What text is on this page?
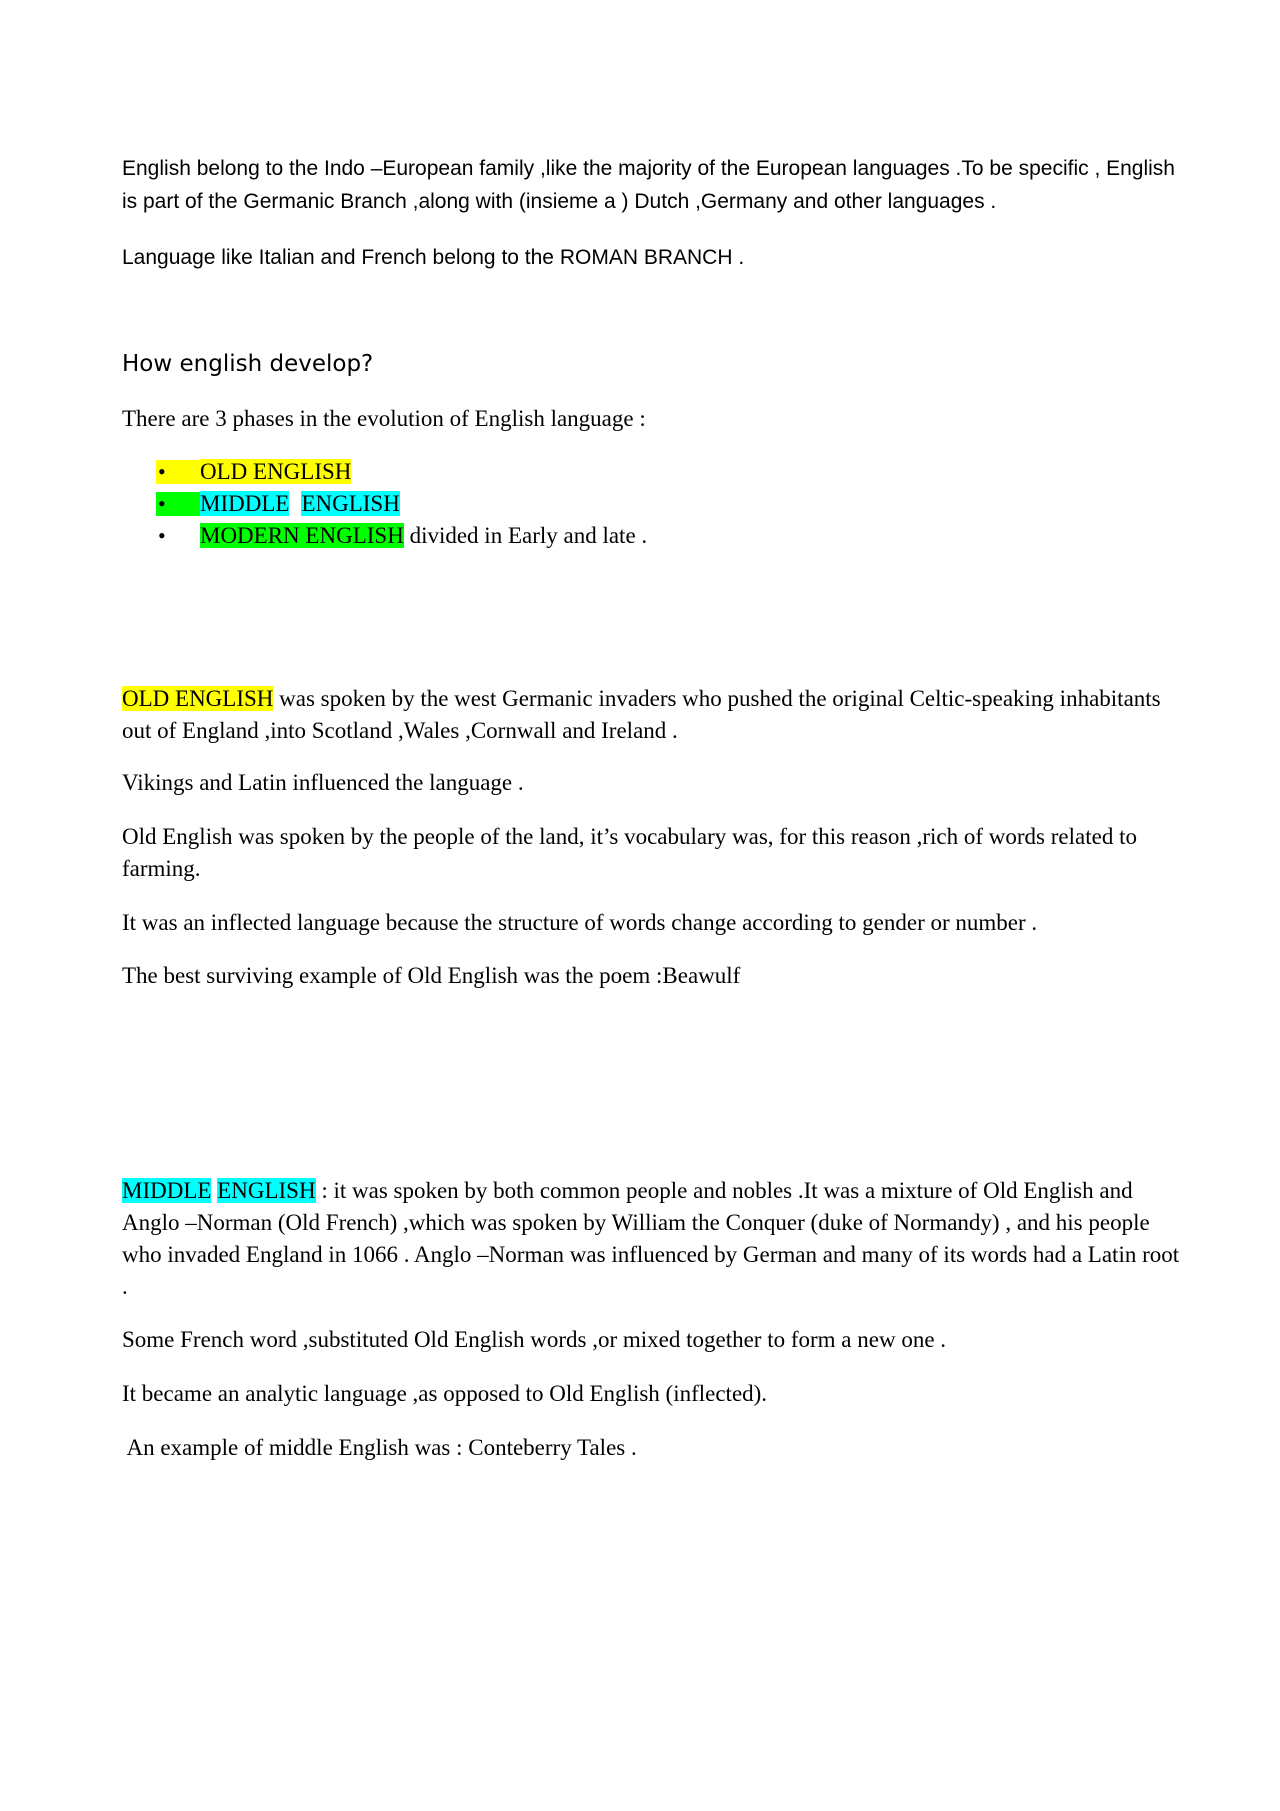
English belong to the Indo –European family ,like the majority of the European languages .To be specific , English is part of the Germanic Branch ,along with (insieme a ) Dutch ,Germany and other languages .

Language like Italian and French belong to the ROMAN BRANCH .

How english develop?

There are 3 phases in the evolution of English language :

•	OLD ENGLISH
•	MIDDLE ENGLISH
•	MODERN ENGLISH divided in Early and late .

OLD ENGLISH was spoken by the west Germanic invaders who pushed the original Celtic-speaking inhabitants out of England ,into Scotland ,Wales ,Cornwall and Ireland .

Vikings and Latin influenced the language .

Old English was spoken by the people of the land, it’s vocabulary was, for this reason ,rich of words related to farming.

It was an inflected language because the structure of words change according to gender or number .

The best surviving example of Old English was the poem :Beawulf

MIDDLE ENGLISH : it was spoken by both common people and nobles .It was a mixture of Old English and Anglo –Norman (Old French) ,which was spoken by William the Conquer (duke of Normandy) , and his people who invaded England in 1066 . Anglo –Norman was influenced by German and many of its words had a Latin root .

Some French word ,substituted Old English words ,or mixed together to form a new one .

It became an analytic language ,as opposed to Old English (inflected).

An example of middle English was : Conteberry Tales .
